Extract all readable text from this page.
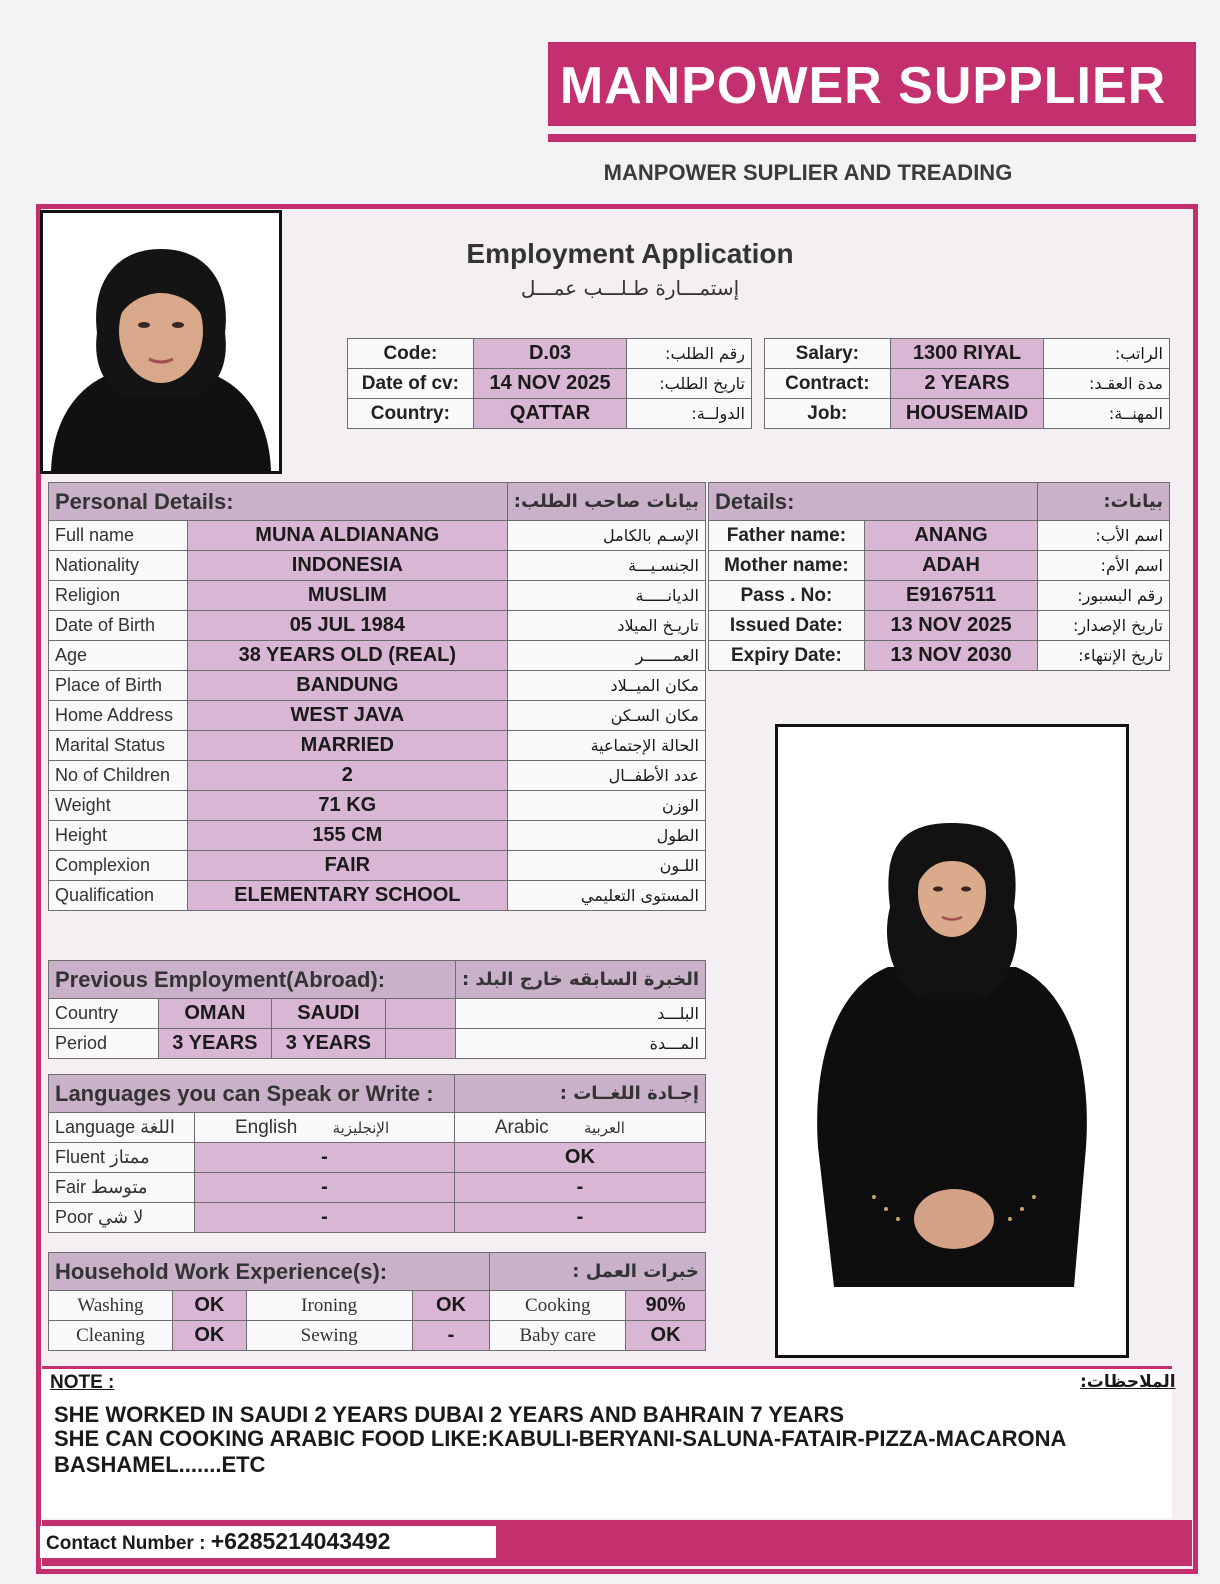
MANPOWER SUPPLIER
MANPOWER SUPLIER AND TREADING
Employment Application
إستمـــارة طـلـــب عمـــل
Code:	D.03	رقم الطلب:
Date of cv:	14 NOV 2025	تاريخ الطلب:
Country:	QATTAR	الدولــة:
Salary:	1300 RIYAL	الراتب:
Contract:	2 YEARS	مدة العقـد:
Job:	HOUSEMAID	المهنــة:
Personal Details:		بيانات صاحب الطلب:
Full name	MUNA ALDIANANG	الإسـم بالكامل
Nationality	INDONESIA	الجنسـيـــة
Religion	MUSLIM	الديانـــــة
Date of Birth	05 JUL 1984	تاريـخ الميلاد
Age	38 YEARS OLD (REAL)	العمــــــر
Place of Birth	BANDUNG	مكان الميــلاد
Home Address	WEST JAVA	مكان السـكن
Marital Status	MARRIED	الحالة الإجتماعية
No of Children	2	عدد الأطفــال
Weight	71 KG	الوزن
Height	155 CM	الطول
Complexion	FAIR	اللـون
Qualification	ELEMENTARY SCHOOL	المستوى التعليمي
Details:		بيانات:
Father name:	ANANG	اسم الأب:
Mother name:	ADAH	اسم الأم:
Pass . No:	E9167511	رقم البسبور:
Issued Date:	13 NOV 2025	تاريخ الإصدار:
Expiry Date:	13 NOV 2030	تاريخ الإنتهاء:
Previous Employment(Abroad):				الخبرة السابقه خارج البلد :
Country	OMAN	SAUDI		البلـــد
Period	3 YEARS	3 YEARS		المـــدة
Languages you can Speak or Write :		إجـادة اللغــات :
Language اللغة	English الإنجليزية	Arabic العربية
Fluent ممتاز	-	OK
Fair متوسط	-	-
Poor لا شي	-	-
Household Work Experience(s):				خبرات العمل :	
Washing	OK	Ironing	OK	Cooking	90%
Cleaning	OK	Sewing	-	Baby care	OK
NOTE :	الملاحظات:
SHE WORKED IN SAUDI 2 YEARS DUBAI 2 YEARS AND BAHRAIN 7 YEARS
SHE CAN COOKING ARABIC FOOD LIKE:KABULI-BERYANI-SALUNA-FATAIR-PIZZA-MACARONA
BASHAMEL.......ETC
Contact Number : +6285214043492
